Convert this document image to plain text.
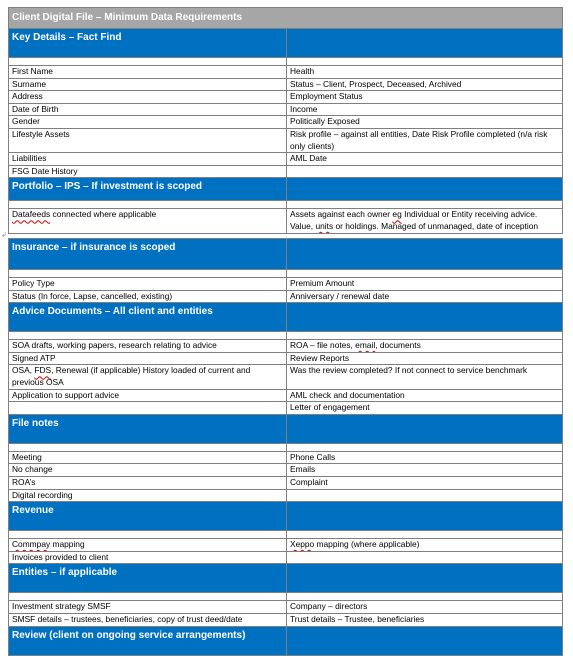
Client Digital File – Minimum Data Requirements	
Key Details – Fact Find	

First Name	Health
Surname	Status – Client, Prospect, Deceased, Archived
Address	Employment Status
Date of Birth	Income
Gender	Politically Exposed
Lifestyle Assets	Risk profile – against all entities, Date Risk Profile completed (n/a risk only clients)
Liabilities	AML Date
FSG Date History	
Portfolio – IPS – If investment is scoped	

Datafeeds connected where applicable	Assets against each owner eg Individual or Entity receiving advice. Value, units or holdings. Managed of unmanaged, date of inception
↲
Insurance – if insurance is scoped	

Policy Type	Premium Amount
Status (In force, Lapse, cancelled, existing)	Anniversary / renewal date
Advice Documents – All client and entities	

SOA drafts, working papers, research relating to advice	ROA – file notes, email, documents
Signed ATP	Review Reports
OSA, FDS, Renewal (if applicable) History loaded of current and previous OSA	Was the review completed? If not connect to service benchmark
Application to support advice	AML check and documentation
	Letter of engagement
File notes	

Meeting	Phone Calls
No change	Emails
ROA’s	Complaint
Digital recording	
Revenue	

Commpay mapping	Xeppo mapping (where applicable)
Invoices provided to client	
Entities – if applicable	

Investment strategy SMSF	Company – directors
SMSF details – trustees, beneficiaries, copy of trust deed/date	Trust details – Trustee, beneficiaries
Review (client on ongoing service arrangements)	
